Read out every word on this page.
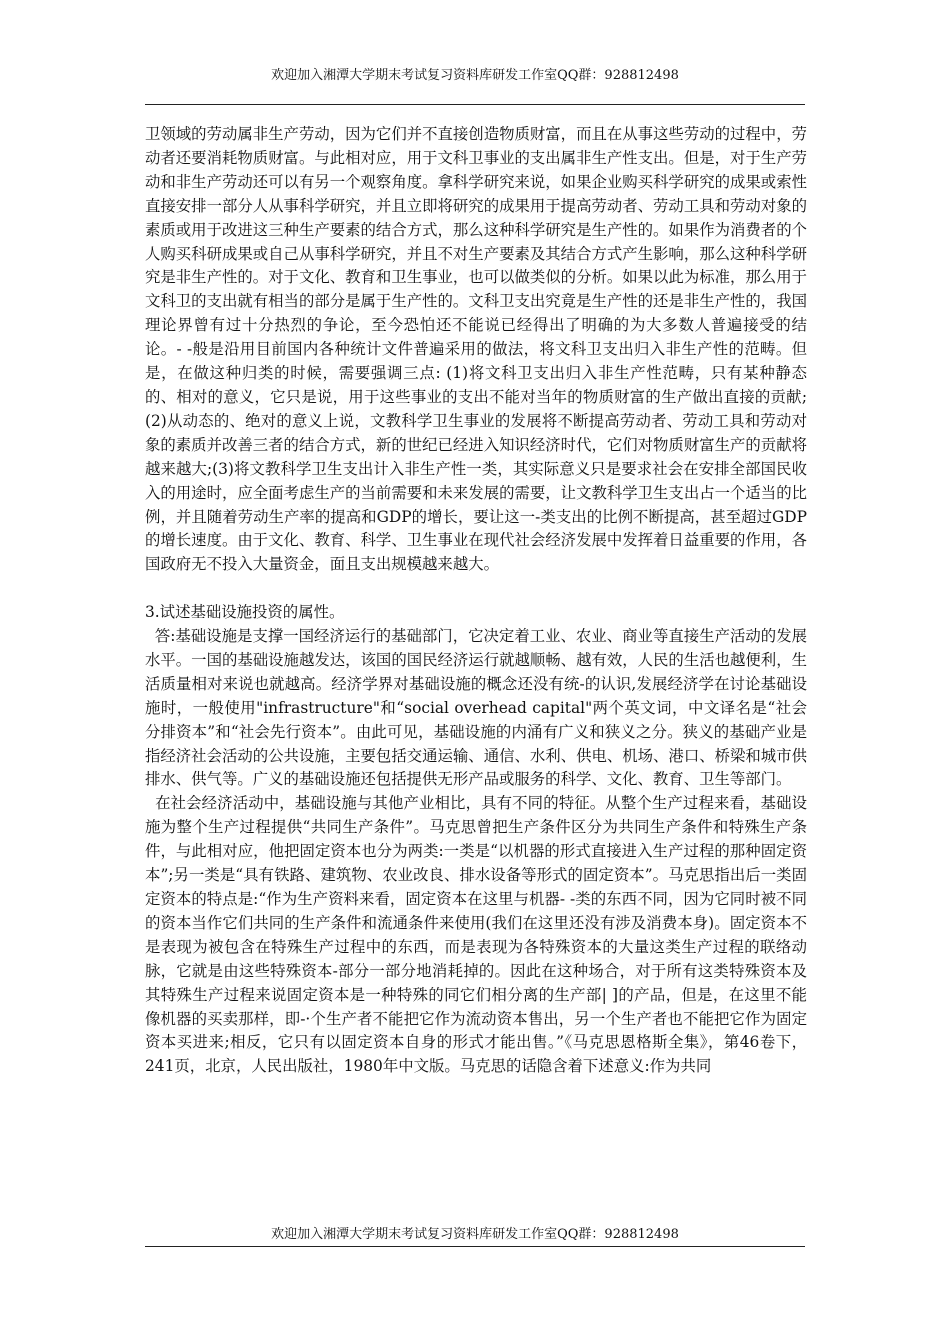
欢迎加入湘潭大学期末考试复习资料库研发工作室QQ群：928812498

卫领域的劳动属非生产劳动，因为它们并不直接创造物质财富，而且在从事这些劳动的过程中，劳动者还要消耗物质财富。与此相对应，用于文科卫事业的支出属非生产性支出。但是，对于生产劳动和非生产劳动还可以有另一个观察角度。拿科学研究来说，如果企业购买科学研究的成果或索性直接安排一部分人从事科学研究，并且立即将研究的成果用于提高劳动者、劳动工具和劳动对象的素质或用于改进这三种生产要素的结合方式，那么这种科学研究是生产性的。如果作为消费者的个人购买科研成果或自己从事科学研究，并且不对生产要素及其结合方式产生影响，那么这种科学研究是非生产性的。对于文化、教育和卫生事业，也可以做类似的分析。如果以此为标准，那么用于文科卫的支出就有相当的部分是属于生产性的。文科卫支出究竟是生产性的还是非生产性的，我国理论界曾有过十分热烈的争论，至今恐怕还不能说已经得出了明确的为大多数人普遍接受的结论。- -般是沿用目前国内各种统计文件普遍采用的做法，将文科卫支出归入非生产性的范畴。但是，在做这种归类的时候，需要强调三点: (1)将文科卫支出归入非生产性范畴，只有某种静态的、相对的意义，它只是说，用于这些事业的支出不能对当年的物质财富的生产做出直接的贡献; (2)从动态的、绝对的意义上说，文教科学卫生事业的发展将不断提高劳动者、劳动工具和劳动对象的素质并改善三者的结合方式，新的世纪已经进入知识经济时代，它们对物质财富生产的贡献将越来越大;(3)将文教科学卫生支出计入非生产性一类，其实际意义只是要求社会在安排全部国民收入的用途时，应全面考虑生产的当前需要和未来发展的需要，让文教科学卫生支出占一个适当的比例，并且随着劳动生产率的提高和GDP的增长，要让这一-类支出的比例不断提高，甚至超过GDP的增长速度。由于文化、教育、科学、卫生事业在现代社会经济发展中发挥着日益重要的作用，各国政府无不投入大量资金，面且支出规模越来越大。

3.试述基础设施投资的属性。

答:基础设施是支撑一国经济运行的基础部门，它决定着工业、农业、商业等直接生产活动的发展水平。一国的基础设施越发达，该国的国民经济运行就越顺畅、越有效，人民的生活也越便利，生活质量相对来说也就越高。经济学界对基础设施的概念还没有统-的认识,发展经济学在讨论基础设施时，一般使用"infrastructure"和“social overhead capital"两个英文词，中文译名是“社会分排资本”和“社会先行资本”。由此可见，基础设施的内涌有广义和狭义之分。狭义的基础产业是指经济社会活动的公共设施，主要包括交通运输、通信、水利、供电、机场、港口、桥梁和城市供排水、供气等。广义的基础设施还包括提供无形产品或服务的科学、文化、教育、卫生等部门。

在社会经济活动中，基础设施与其他产业相比，具有不同的特征。从整个生产过程来看，基础设施为整个生产过程提供“共同生产条件”。马克思曾把生产条件区分为共同生产条件和特殊生产条件，与此相对应，他把固定资本也分为两类:一类是“以机器的形式直接进入生产过程的那种固定资本”;另一类是“具有铁路、建筑物、农业改良、排水设备等形式的固定资本”。马克思指出后一类固定资本的特点是:“作为生产资料来看，固定资本在这里与机器- -类的东西不同，因为它同时被不同的资本当作它们共同的生产条件和流通条件来使用(我们在这里还没有涉及消费本身)。固定资本不是表现为被包含在特殊生产过程中的东西，而是表现为各特殊资本的大量这类生产过程的联络动脉，它就是由这些特殊资本-部分一部分地消耗掉的。因此在这种场合，对于所有这类特殊资本及其特殊生产过程来说固定资本是一种特殊的同它们相分离的生产部| ]的产品，但是，在这里不能像机器的买卖那样，即-·个生产者不能把它作为流动资本售出，另一个生产者也不能把它作为固定资本买进来;相反，它只有以固定资本自身的形式才能出售。”《马克思恩格斯全集》，第46卷下，241页，北京，人民出版社，1980年中文版。马克思的话隐含着下述意义:作为共同

欢迎加入湘潭大学期末考试复习资料库研发工作室QQ群：928812498
